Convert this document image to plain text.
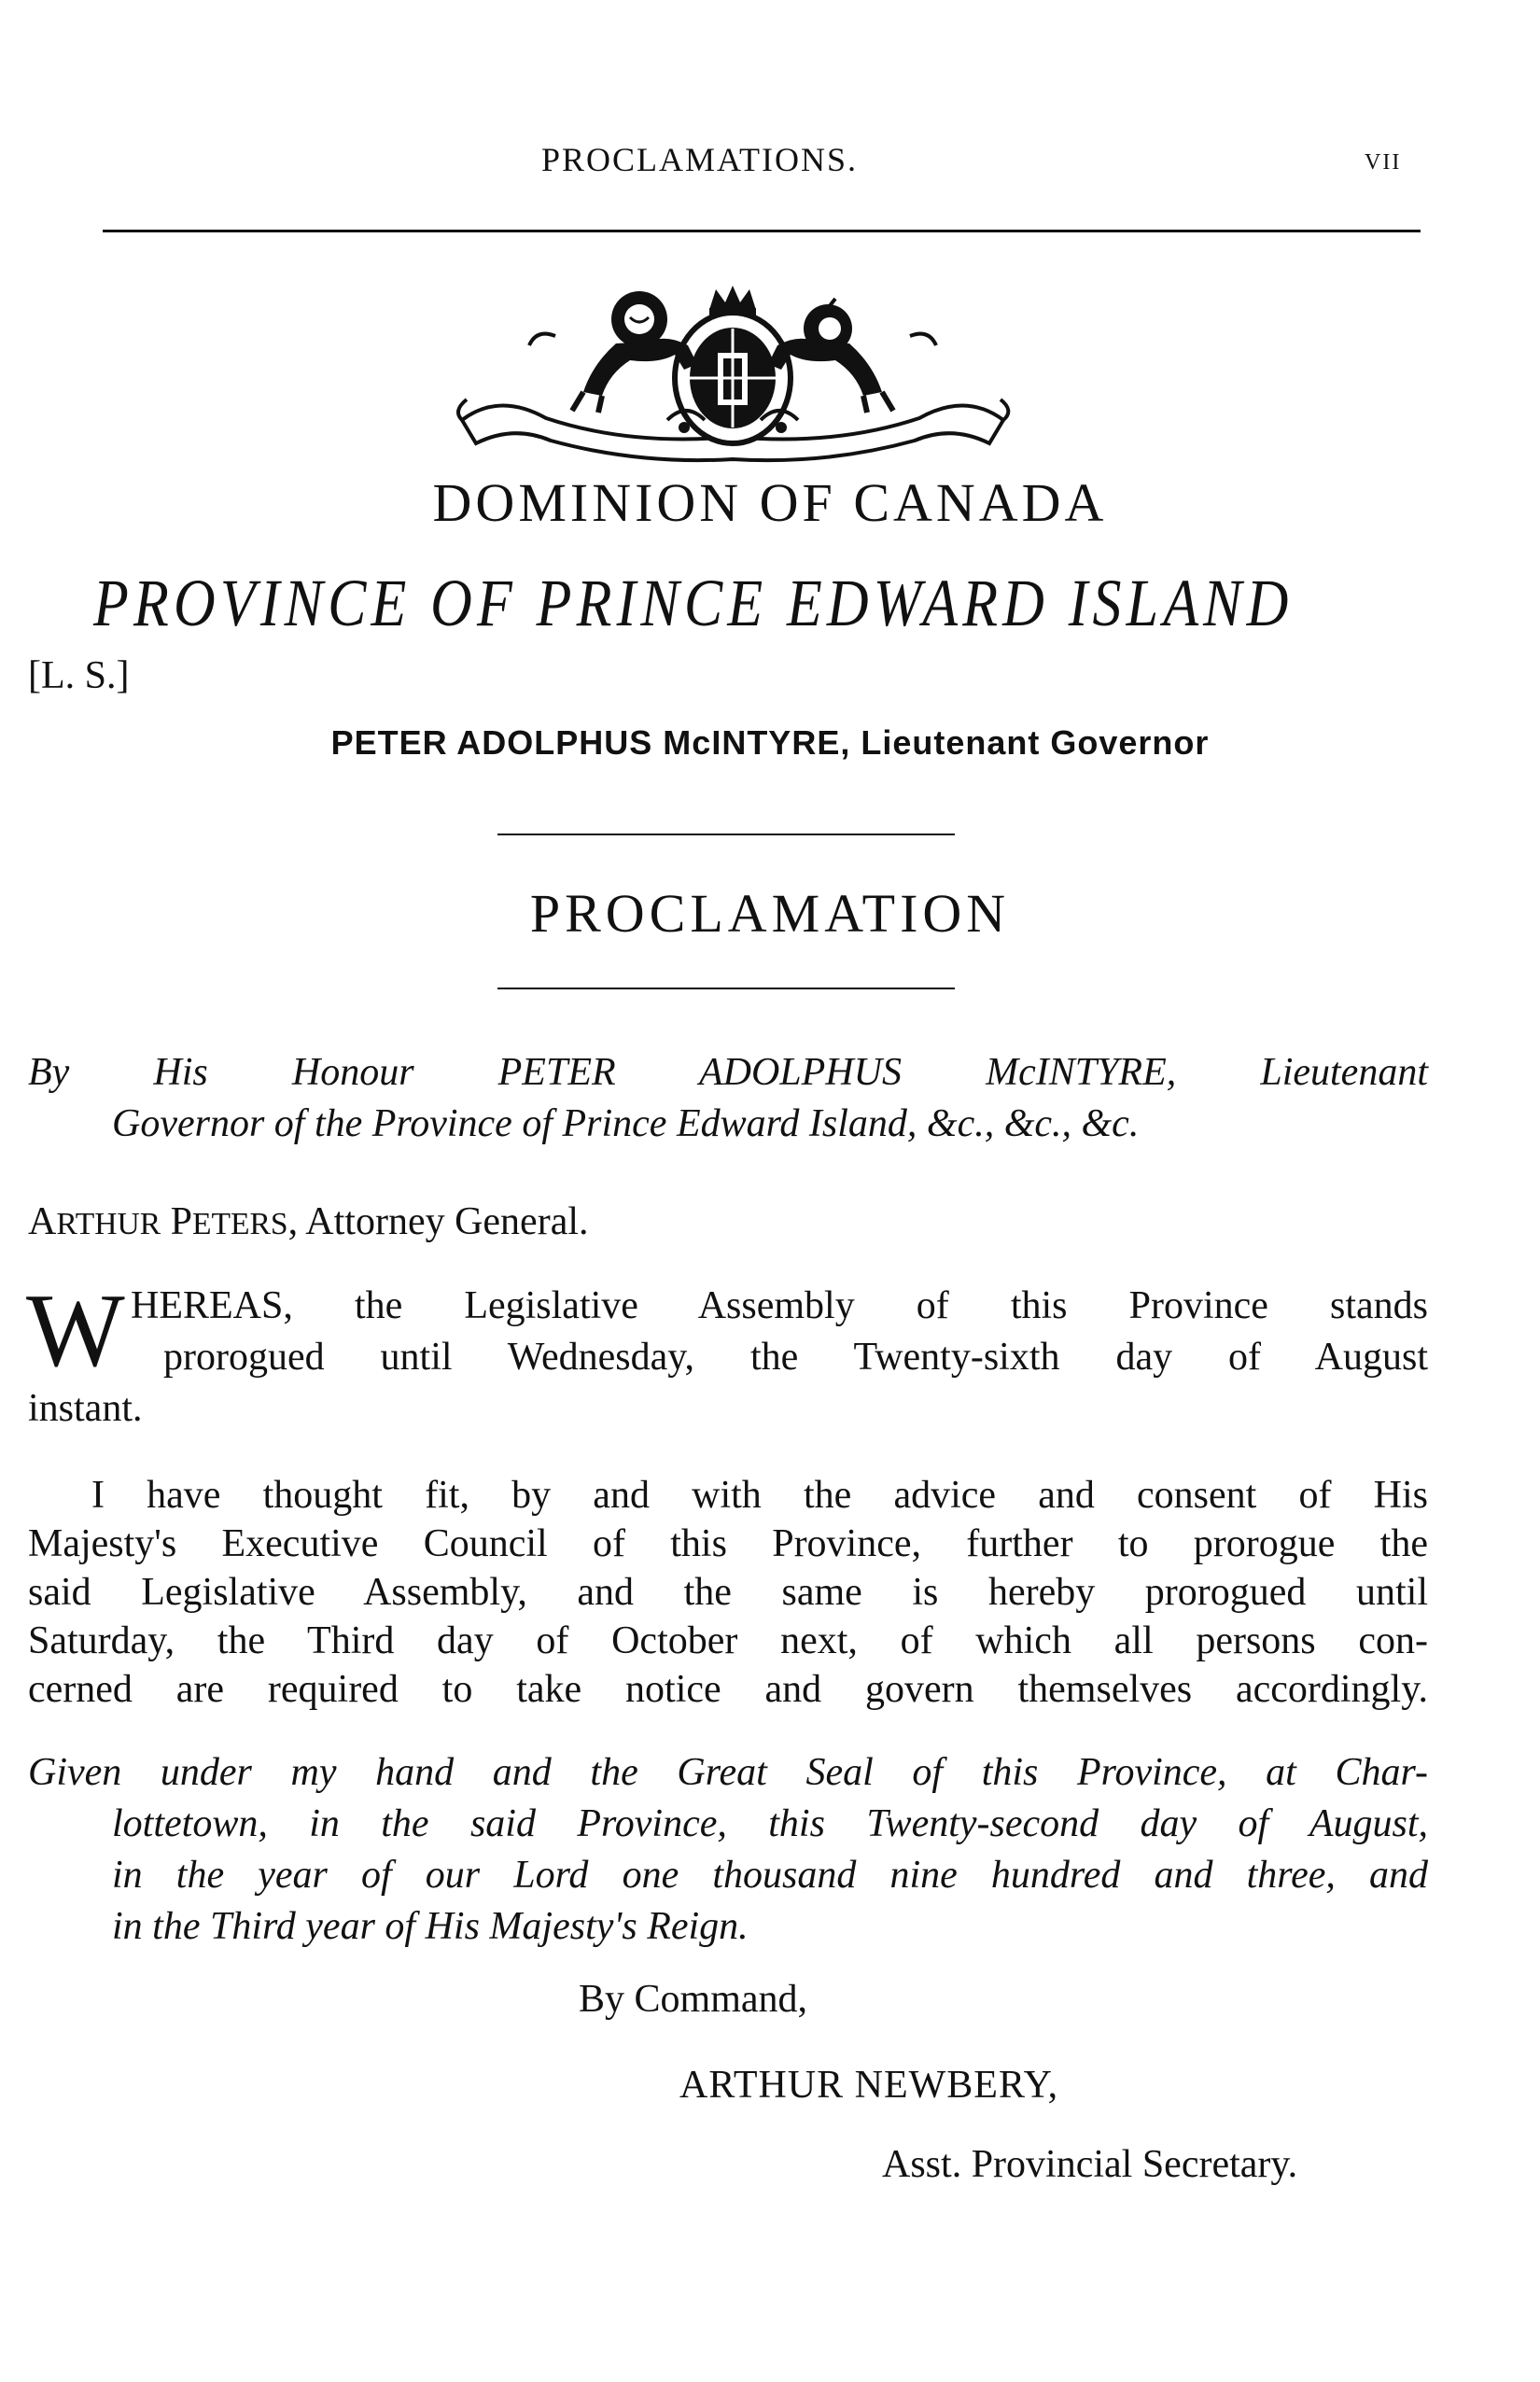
PROCLAMATIONS.	vii
DOMINION OF CANADA
PROVINCE OF PRINCE EDWARD ISLAND
[L. S.]
PETER ADOLPHUS McINTYRE, Lieutenant Governor
PROCLAMATION
By His Honour PETER ADOLPHUS McINTYRE, Lieutenant
Governor of the Province of Prince Edward Island, &c., &c., &c.
ARTHUR PETERS, Attorney General.
W HEREAS, the Legislative Assembly of this Province stands
prorogued until Wednesday, the Twenty-sixth day of August
instant.
I have thought fit, by and with the advice and consent of His
Majesty's Executive Council of this Province, further to prorogue the
said Legislative Assembly, and the same is hereby prorogued until
Saturday, the Third day of October next, of which all persons con-
cerned are required to take notice and govern themselves accordingly.
Given under my hand and the Great Seal of this Province, at Char-
lottetown, in the said Province, this Twenty-second day of August,
in the year of our Lord one thousand nine hundred and three, and
in the Third year of His Majesty's Reign.
By Command,
ARTHUR NEWBERY,
Asst. Provincial Secretary.
